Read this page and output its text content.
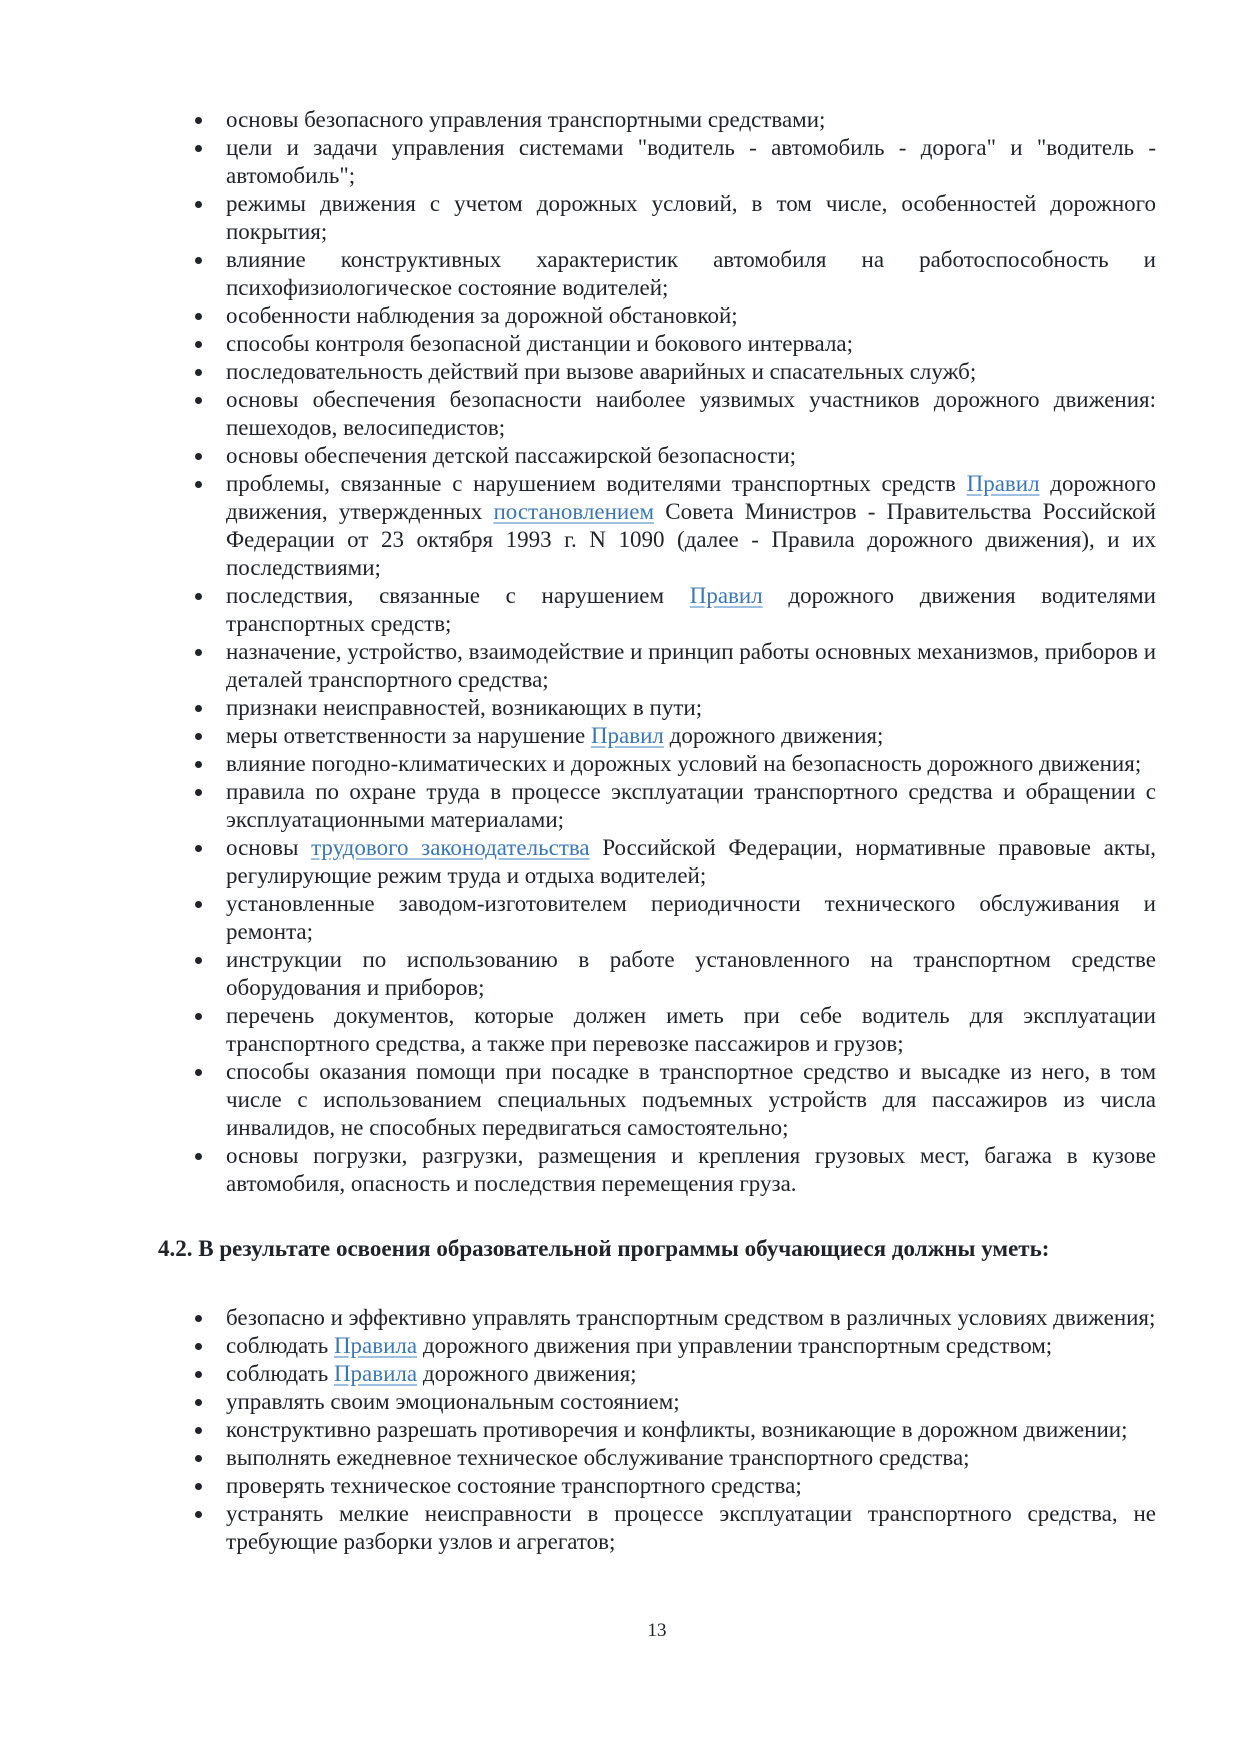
основы безопасного управления транспортными средствами;
цели и задачи управления системами "водитель - автомобиль - дорога" и "водитель - автомобиль";
режимы движения с учетом дорожных условий, в том числе, особенностей дорожного покрытия;
влияние конструктивных характеристик автомобиля на работоспособность и психофизиологическое состояние водителей;
особенности наблюдения за дорожной обстановкой;
способы контроля безопасной дистанции и бокового интервала;
последовательность действий при вызове аварийных и спасательных служб;
основы обеспечения безопасности наиболее уязвимых участников дорожного движения: пешеходов, велосипедистов;
основы обеспечения детской пассажирской безопасности;
проблемы, связанные с нарушением водителями транспортных средств Правил дорожного движения, утвержденных постановлением Совета Министров - Правительства Российской Федерации от 23 октября 1993 г. N 1090 (далее - Правила дорожного движения), и их последствиями;
последствия, связанные с нарушением Правил дорожного движения водителями транспортных средств;
назначение, устройство, взаимодействие и принцип работы основных механизмов, приборов и деталей транспортного средства;
признаки неисправностей, возникающих в пути;
меры ответственности за нарушение Правил дорожного движения;
влияние погодно-климатических и дорожных условий на безопасность дорожного движения;
правила по охране труда в процессе эксплуатации транспортного средства и обращении с эксплуатационными материалами;
основы трудового законодательства Российской Федерации, нормативные правовые акты, регулирующие режим труда и отдыха водителей;
установленные заводом-изготовителем периодичности технического обслуживания и ремонта;
инструкции по использованию в работе установленного на транспортном средстве оборудования и приборов;
перечень документов, которые должен иметь при себе водитель для эксплуатации транспортного средства, а также при перевозке пассажиров и грузов;
способы оказания помощи при посадке в транспортное средство и высадке из него, в том числе с использованием специальных подъемных устройств для пассажиров из числа инвалидов, не способных передвигаться самостоятельно;
основы погрузки, разгрузки, размещения и крепления грузовых мест, багажа в кузове автомобиля, опасность и последствия перемещения груза.
4.2. В результате освоения образовательной программы обучающиеся должны уметь:
безопасно и эффективно управлять транспортным средством в различных условиях движения;
соблюдать Правила дорожного движения при управлении транспортным средством;
соблюдать Правила дорожного движения;
управлять своим эмоциональным состоянием;
конструктивно разрешать противоречия и конфликты, возникающие в дорожном движении;
выполнять ежедневное техническое обслуживание транспортного средства;
проверять техническое состояние транспортного средства;
устранять мелкие неисправности в процессе эксплуатации транспортного средства, не требующие разборки узлов и агрегатов;
13
